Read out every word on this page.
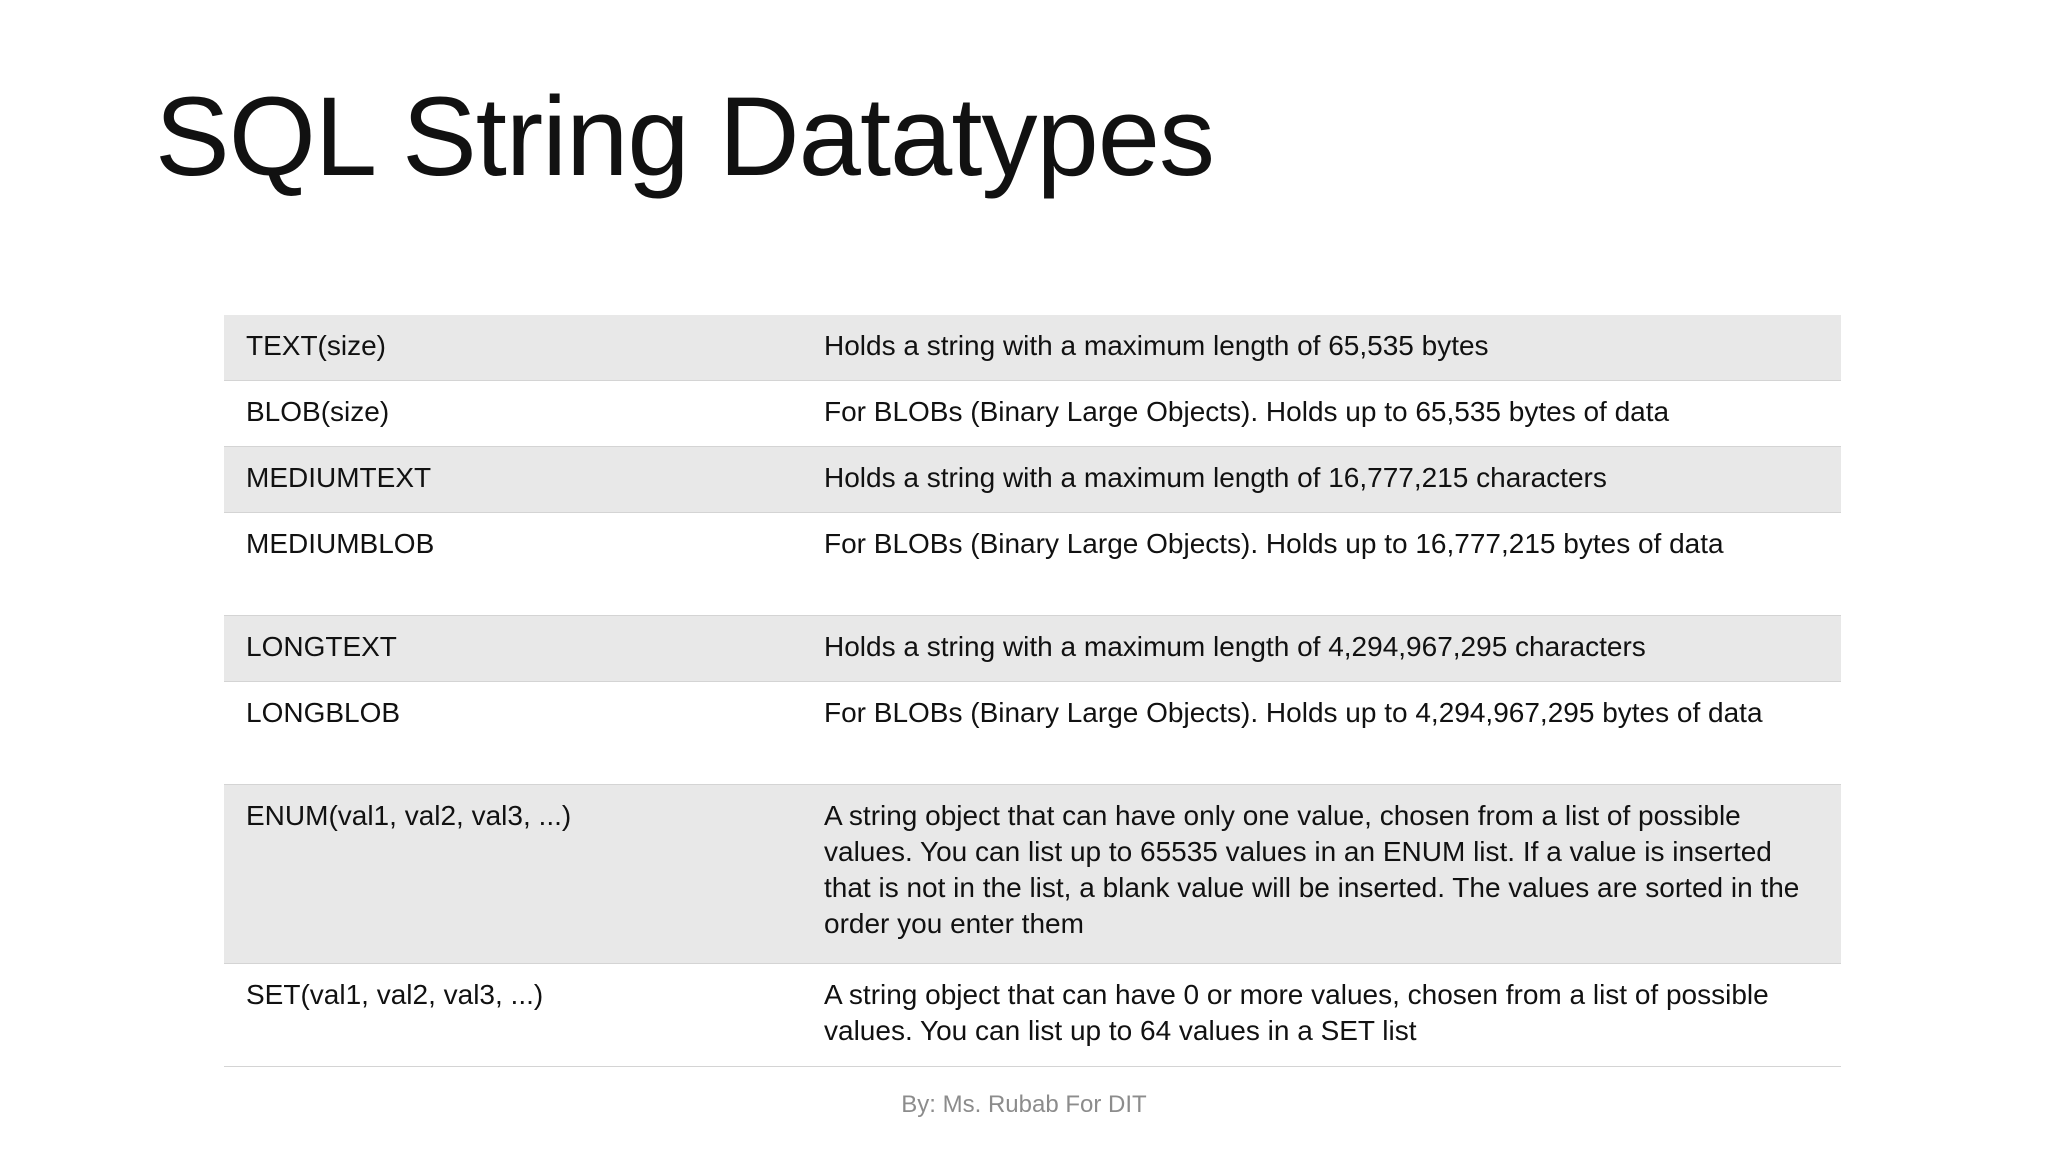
SQL String Datatypes
TEXT(size)	Holds a string with a maximum length of 65,535 bytes
BLOB(size)	For BLOBs (Binary Large Objects). Holds up to 65,535 bytes of data
MEDIUMTEXT	Holds a string with a maximum length of 16,777,215 characters
MEDIUMBLOB	For BLOBs (Binary Large Objects). Holds up to 16,777,215 bytes of data
LONGTEXT	Holds a string with a maximum length of 4,294,967,295 characters
LONGBLOB	For BLOBs (Binary Large Objects). Holds up to 4,294,967,295 bytes of data
ENUM(val1, val2, val3, ...)	A string object that can have only one value, chosen from a list of possible values. You can list up to 65535 values in an ENUM list. If a value is inserted that is not in the list, a blank value will be inserted. The values are sorted in the order you enter them
SET(val1, val2, val3, ...)	A string object that can have 0 or more values, chosen from a list of possible values. You can list up to 64 values in a SET list
By: Ms. Rubab For DIT
